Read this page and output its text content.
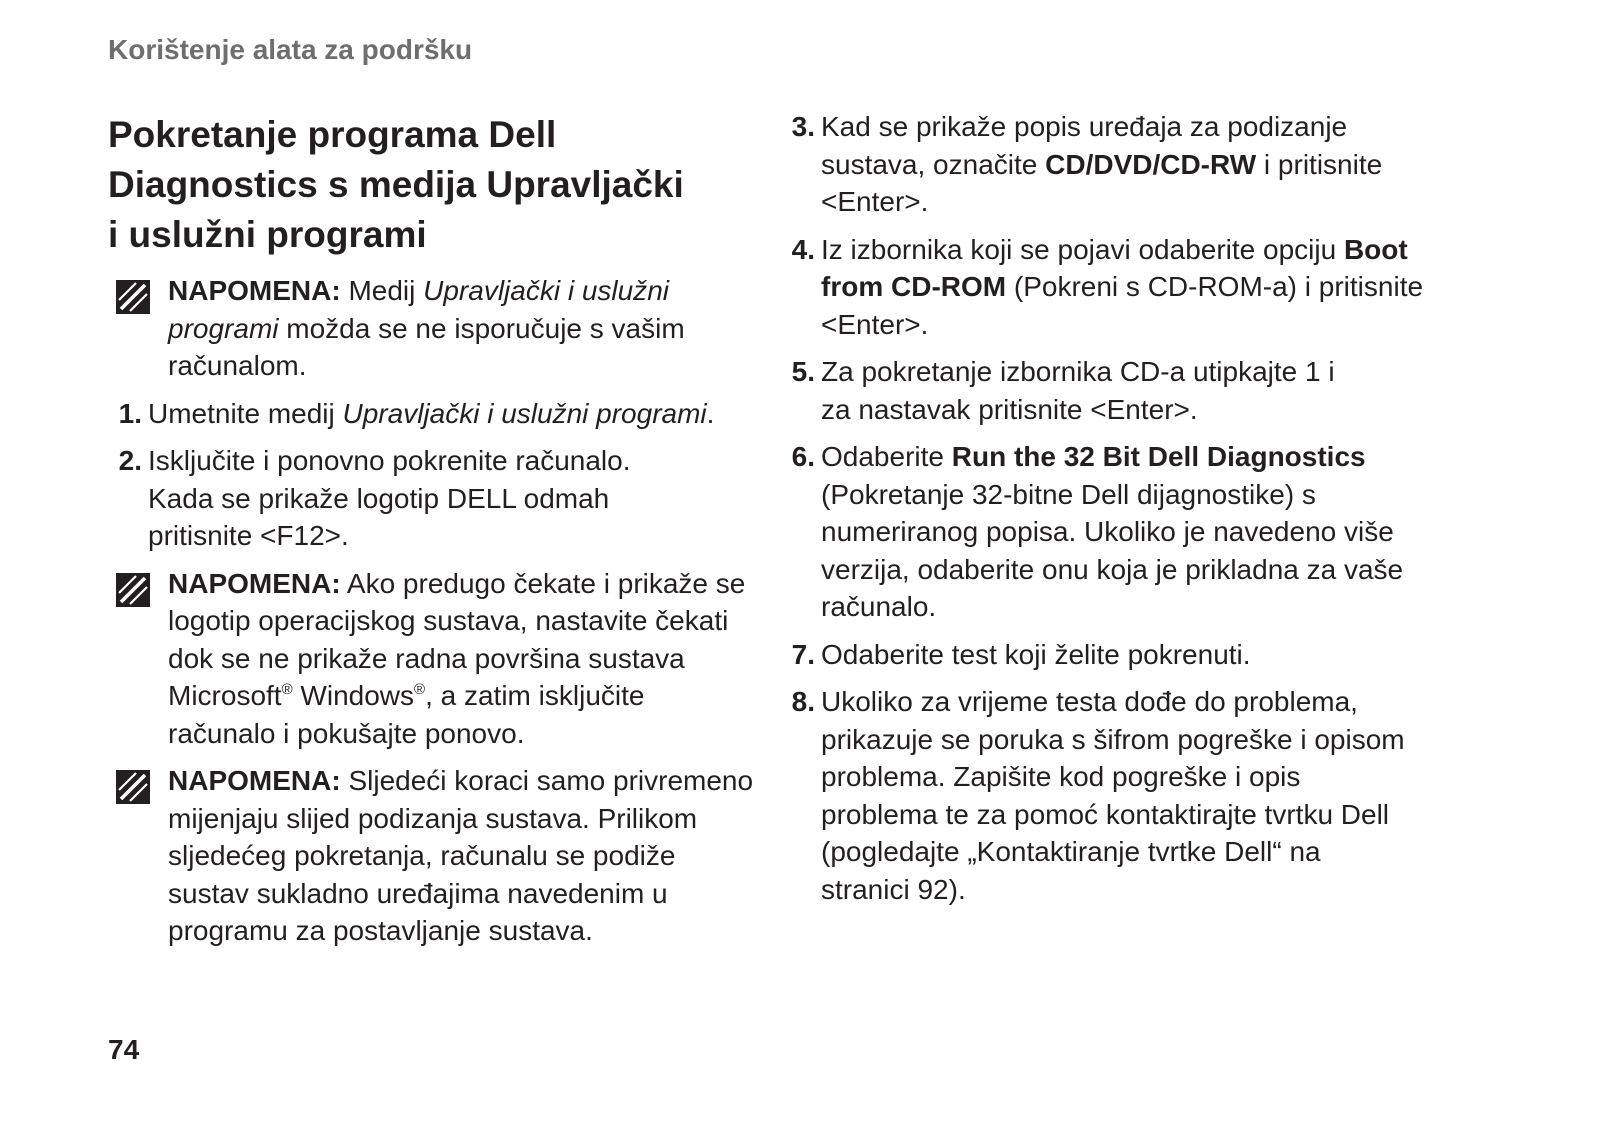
Korištenje alata za podršku
Pokretanje programa Dell
Diagnostics s medija Upravljački
i uslužni programi
NAPOMENA: Medij Upravljački i uslužni programi možda se ne isporučuje s vašim računalom.
1. Umetnite medij Upravljački i uslužni programi.
2. Isključite i ponovno pokrenite računalo. Kada se prikaže logotip DELL odmah pritisnite <F12>.
NAPOMENA: Ako predugo čekate i prikaže se logotip operacijskog sustava, nastavite čekati dok se ne prikaže radna površina sustava Microsoft® Windows®, a zatim isključite računalo i pokušajte ponovo.
NAPOMENA: Sljedeći koraci samo privremeno mijenjaju slijed podizanja sustava. Prilikom sljedećeg pokretanja, računalu se podiže sustav sukladno uređajima navedenim u programu za postavljanje sustava.
3. Kad se prikaže popis uređaja za podizanje sustava, označite CD/DVD/CD-RW i pritisnite <Enter>.
4. Iz izbornika koji se pojavi odaberite opciju Boot from CD-ROM (Pokreni s CD-ROM-a) i pritisnite <Enter>.
5. Za pokretanje izbornika CD-a utipkajte 1 i za nastavak pritisnite <Enter>.
6. Odaberite Run the 32 Bit Dell Diagnostics (Pokretanje 32-bitne Dell dijagnostike) s numeriranog popisa. Ukoliko je navedeno više verzija, odaberite onu koja je prikladna za vaše računalo.
7. Odaberite test koji želite pokrenuti.
8. Ukoliko za vrijeme testa dođe do problema, prikazuje se poruka s šifrom pogreške i opisom problema. Zapišite kod pogreške i opis problema te za pomoć kontaktirajte tvrtku Dell (pogledajte „Kontaktiranje tvrtke Dell“ na stranici 92).
74
